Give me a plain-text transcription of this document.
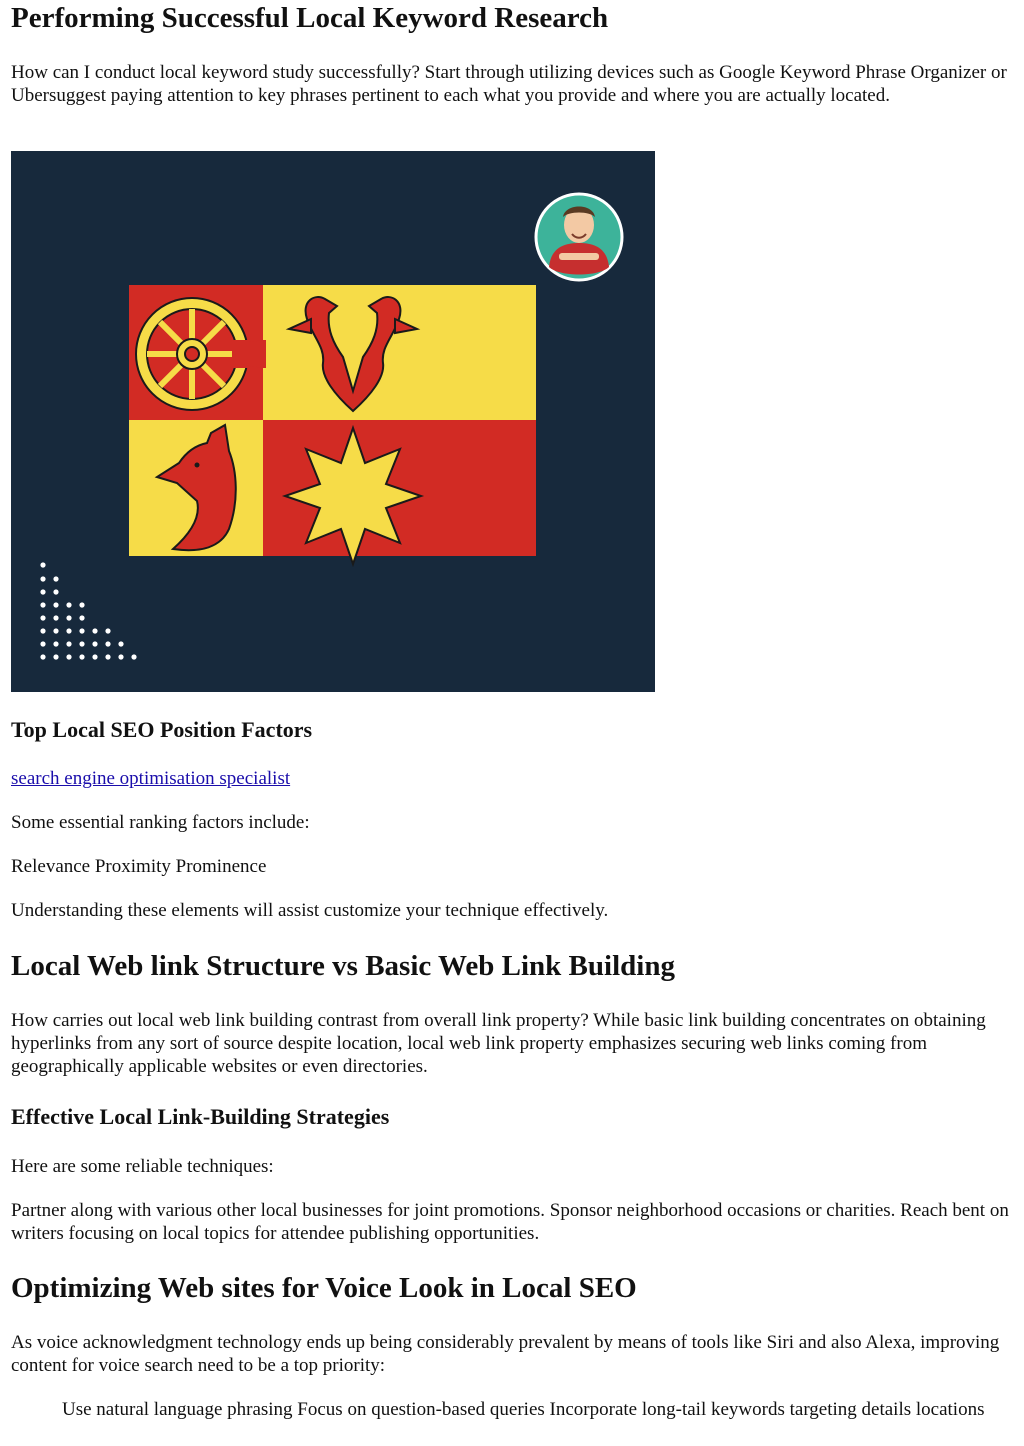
Performing Successful Local Keyword Research

How can I conduct local keyword study successfully? Start through utilizing devices such as Google Keyword Phrase Organizer or Ubersuggest paying attention to key phrases pertinent to each what you provide and where you are actually located.

Top Local SEO Position Factors

search engine optimisation specialist

Some essential ranking factors include:

Relevance Proximity Prominence

Understanding these elements will assist customize your technique effectively.

Local Web link Structure vs Basic Web Link Building

How carries out local web link building contrast from overall link property? While basic link building concentrates on obtaining hyperlinks from any sort of source despite location, local web link property emphasizes securing web links coming from geographically applicable websites or even directories.

Effective Local Link-Building Strategies

Here are some reliable techniques:

Partner along with various other local businesses for joint promotions. Sponsor neighborhood occasions or charities. Reach bent on writers focusing on local topics for attendee publishing opportunities.

Optimizing Web sites for Voice Look in Local SEO

As voice acknowledgment technology ends up being considerably prevalent by means of tools like Siri and also Alexa, improving content for voice search need to be a top priority:

Use natural language phrasing Focus on question-based queries Incorporate long-tail keywords targeting details locations
